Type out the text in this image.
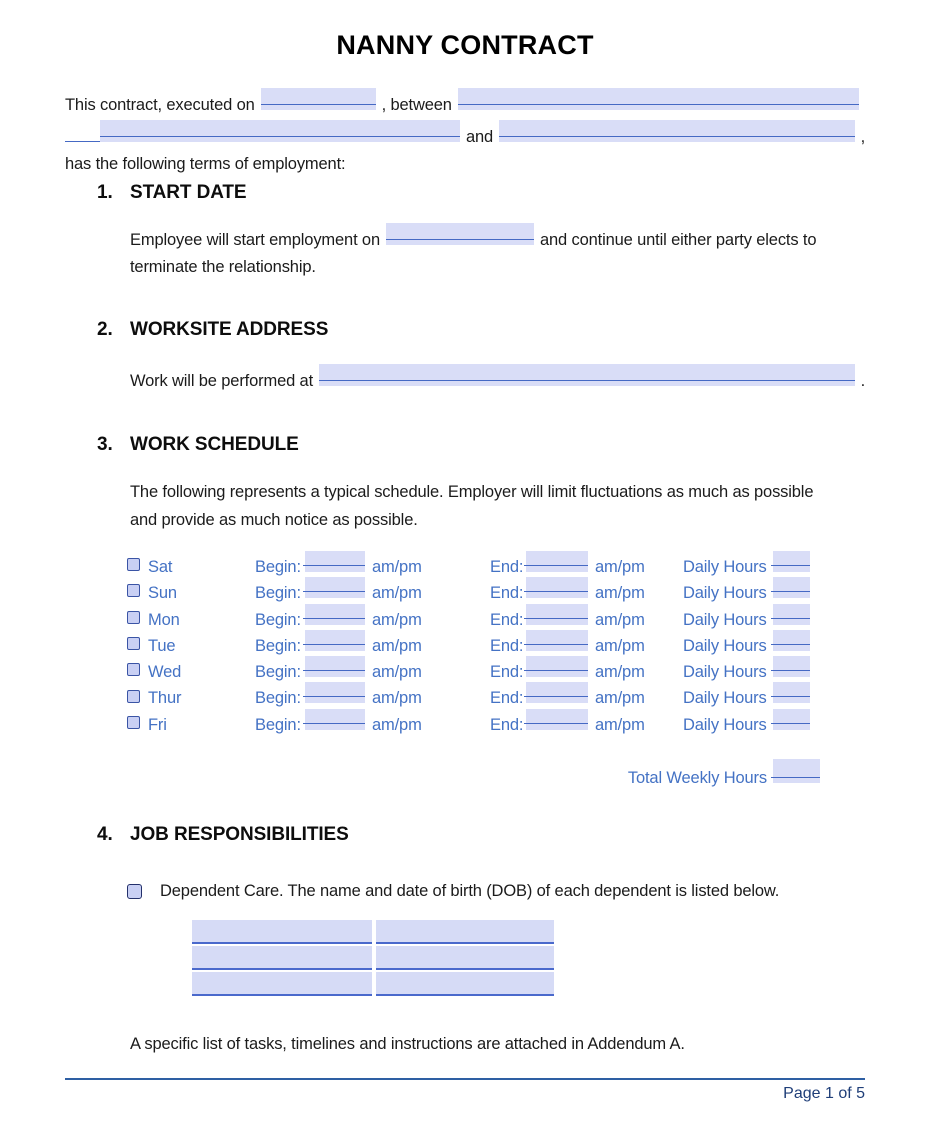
NANNY CONTRACT
This contract, executed on	, between
and	,
has the following terms of employment:
1. START DATE
Employee will start employment on	and continue until either party elects to
terminate the relationship.
2. WORKSITE ADDRESS
Work will be performed at	.
3. WORK SCHEDULE
The following represents a typical schedule. Employer will limit fluctuations as much as possible
and provide as much notice as possible.
Sat	Begin:	am/pm	End:	am/pm	Daily Hours
Sun	Begin:	am/pm	End:	am/pm	Daily Hours
Mon	Begin:	am/pm	End:	am/pm	Daily Hours
Tue	Begin:	am/pm	End:	am/pm	Daily Hours
Wed	Begin:	am/pm	End:	am/pm	Daily Hours
Thur	Begin:	am/pm	End:	am/pm	Daily Hours
Fri	Begin:	am/pm	End:	am/pm	Daily Hours
Total Weekly Hours
4. JOB RESPONSIBILITIES
Dependent Care. The name and date of birth (DOB) of each dependent is listed below.
A specific list of tasks, timelines and instructions are attached in Addendum A.
Page 1 of 5
